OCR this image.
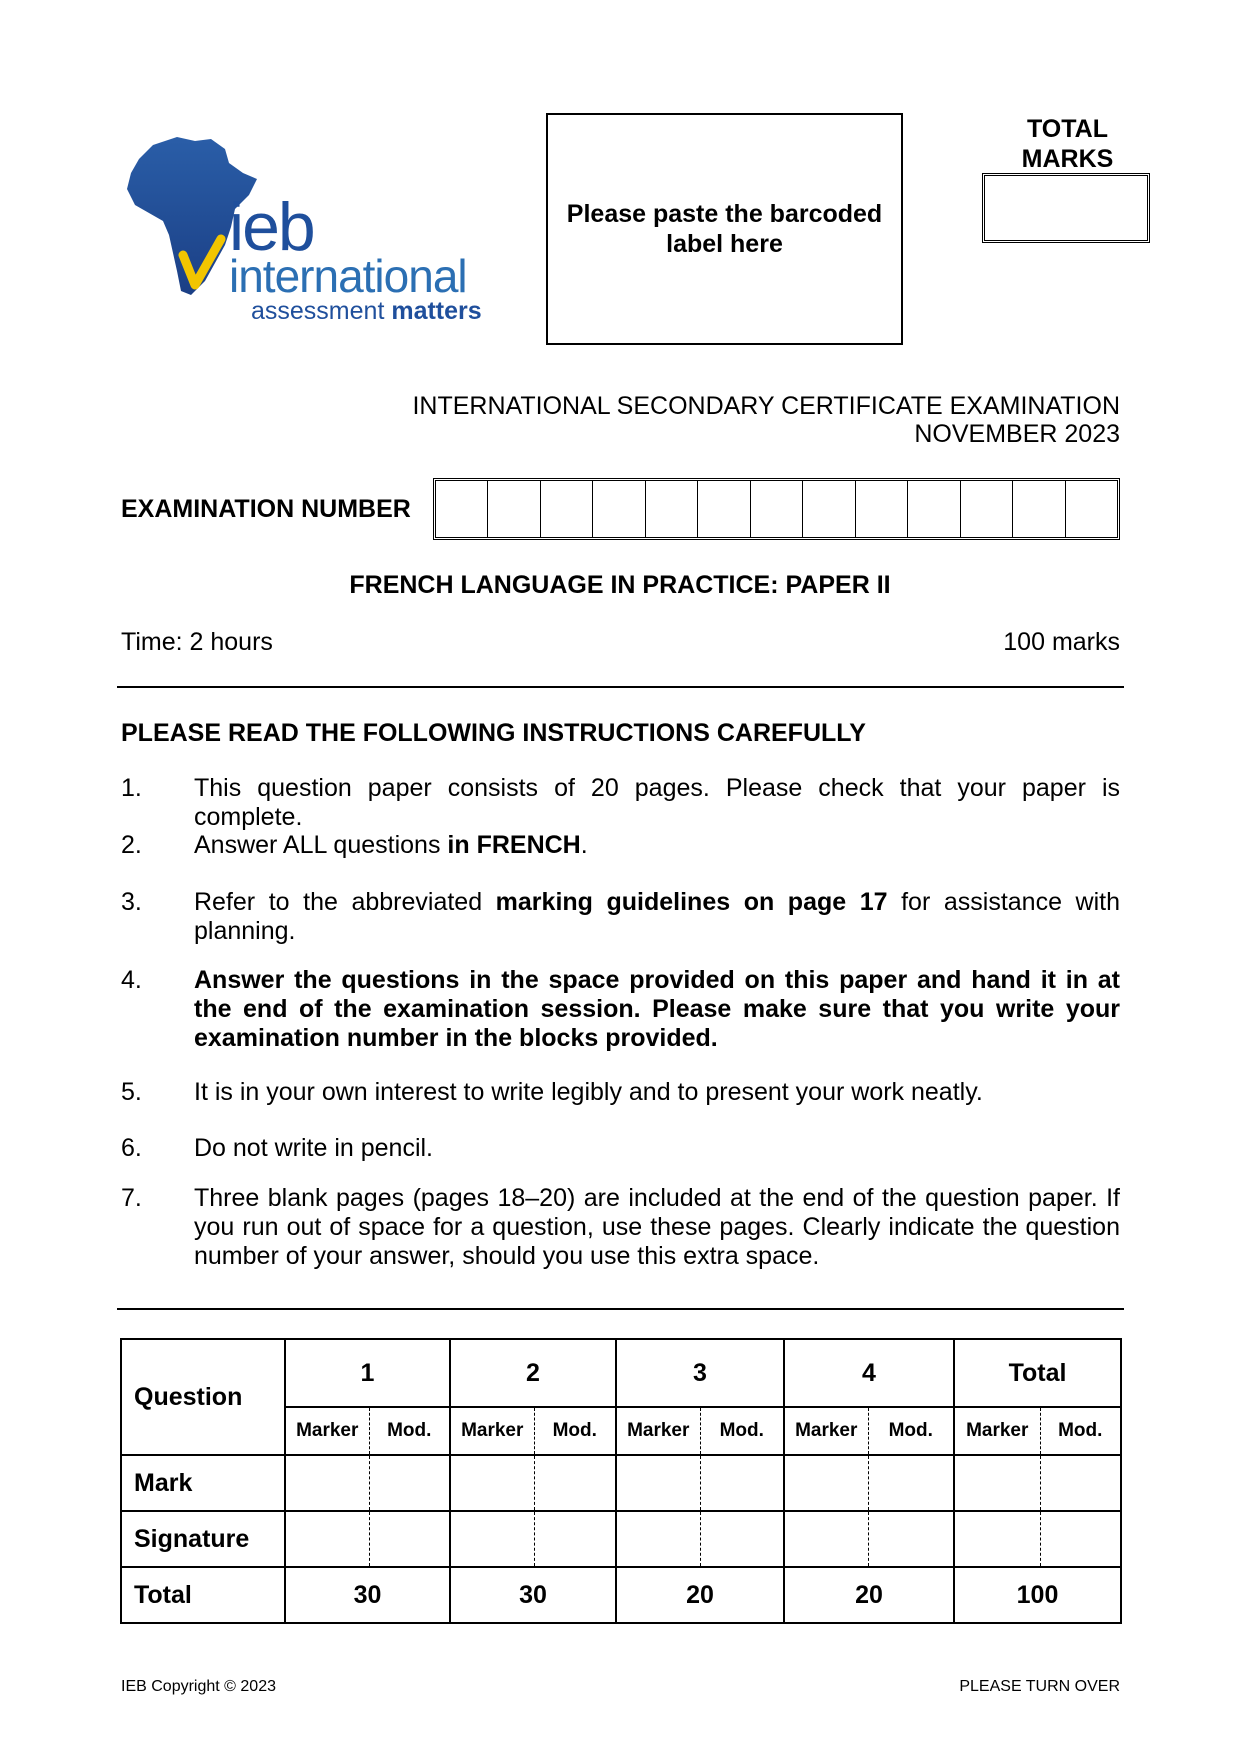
ieb
international
assessment matters
Please paste the barcoded label here
TOTAL MARKS
INTERNATIONAL SECONDARY CERTIFICATE EXAMINATION
NOVEMBER 2023
EXAMINATION NUMBER
FRENCH LANGUAGE IN PRACTICE: PAPER II
Time: 2 hours	100 marks
PLEASE READ THE FOLLOWING INSTRUCTIONS CAREFULLY
1. This question paper consists of 20 pages. Please check that your paper is complete.
2. Answer ALL questions in FRENCH.
3. Refer to the abbreviated marking guidelines on page 17 for assistance with planning.
4. Answer the questions in the space provided on this paper and hand it in at the end of the examination session. Please make sure that you write your examination number in the blocks provided.
5. It is in your own interest to write legibly and to present your work neatly.
6. Do not write in pencil.
7. Three blank pages (pages 18–20) are included at the end of the question paper. If you run out of space for a question, use these pages. Clearly indicate the question number of your answer, should you use this extra space.
Question	1		2		3		4		Total	
	Marker	Mod.	Marker	Mod.	Marker	Mod.	Marker	Mod.	Marker	Mod.
Mark										
Signature										
Total	30		30		20		20		100	
IEB Copyright © 2023	PLEASE TURN OVER
